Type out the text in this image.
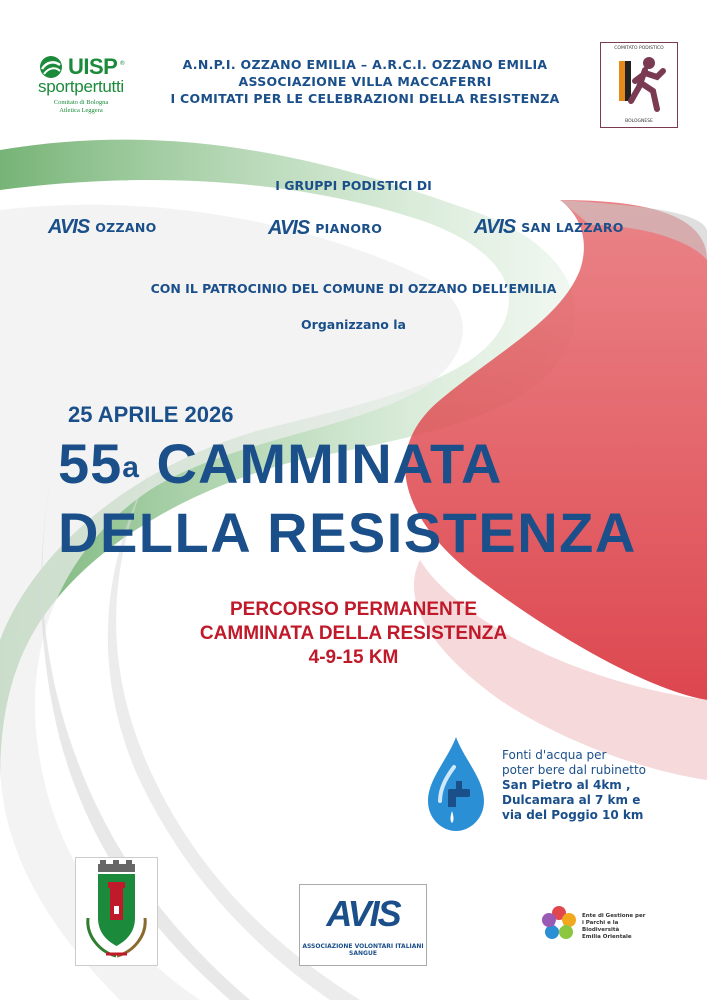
UISP ®
sportpertutti
Comitato di Bologna
Atletica Leggera
A.N.P.I. OZZANO EMILIA – A.R.C.I. OZZANO EMILIA
ASSOCIAZIONE VILLA MACCAFERRI
I COMITATI PER LE CELEBRAZIONI DELLA RESISTENZA
COMITATO PODISTICO
BOLOGNESE
I GRUPPI PODISTICI DI
AVIS OZZANO	AVIS PIANORO	AVIS SAN LAZZARO
CON IL PATROCINIO DEL COMUNE DI OZZANO DELL’EMILIA
Organizzano la
25 APRILE 2026
55$^a$ CAMMINATA
DELLA RESISTENZA
PERCORSO PERMANENTE
CAMMINATA DELLA RESISTENZA
4-9-15 KM
Fonti d'acqua per
poter bere dal rubinetto
San Pietro al 4km ,
Dulcamara al 7 km e
via del Poggio 10 km
AVIS
ASSOCIAZIONE VOLONTARI ITALIANI SANGUE
Ente di Gestione per
i Parchi e la Biodiversità
Emilia Orientale
